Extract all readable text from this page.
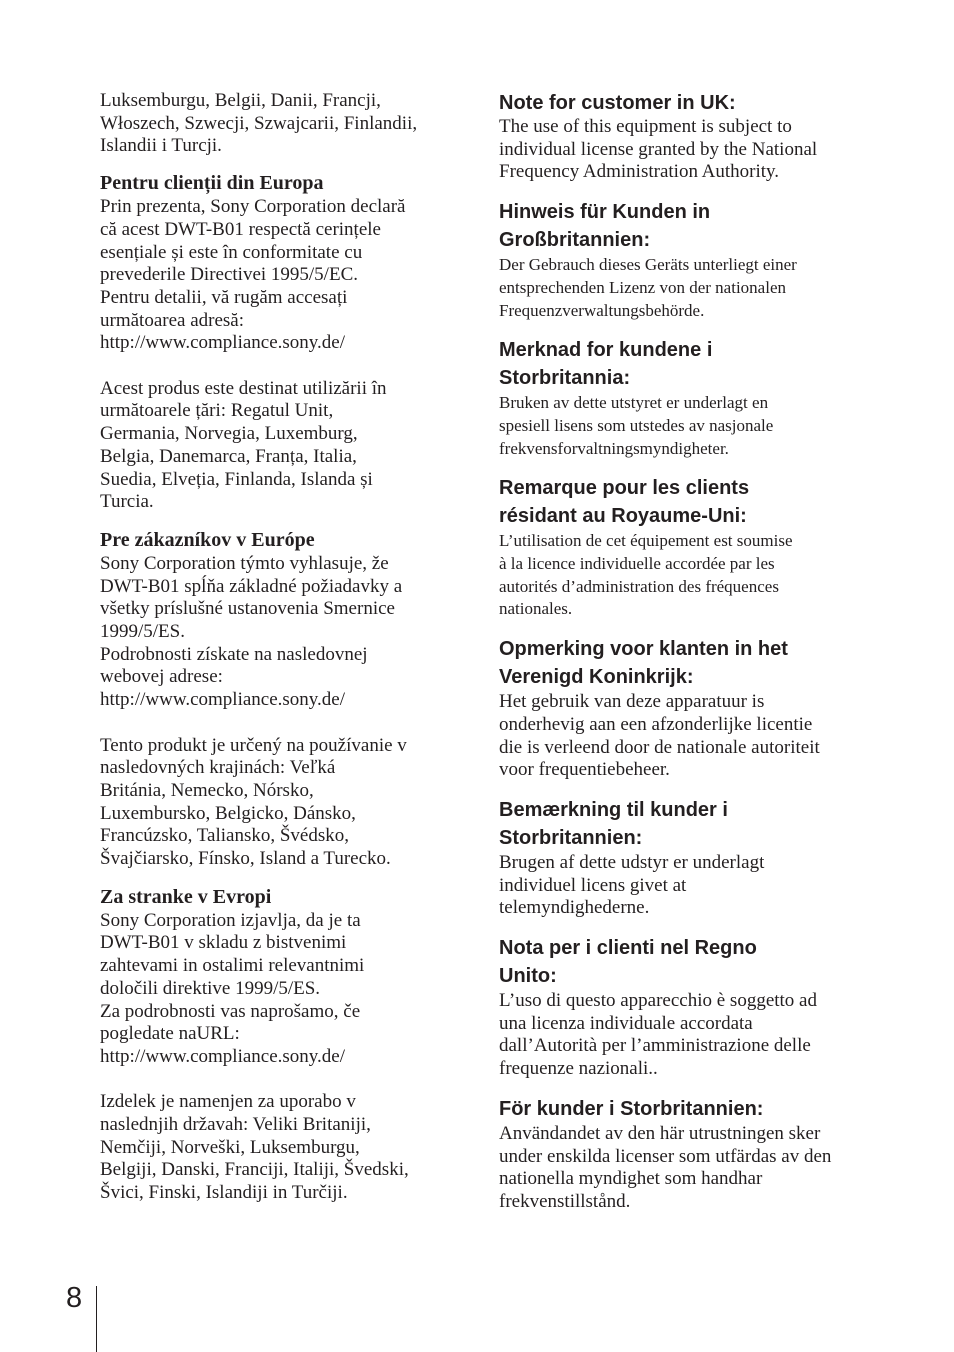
Luksemburgu, Belgii, Danii, Francji,
Włoszech, Szwecji, Szwajcarii, Finlandii,
Islandii i Turcji.

Pentru clienții din Europa

Prin prezenta, Sony Corporation declară
că acest DWT-B01 respectă cerințele
esențiale și este în conformitate cu
prevederile Directivei 1995/5/EC.
Pentru detalii, vă rugăm accesați
următoarea adresă:
http://www.compliance.sony.de/

Acest produs este destinat utilizării în
următoarele țări: Regatul Unit,
Germania, Norvegia, Luxemburg,
Belgia, Danemarca, Franța, Italia,
Suedia, Elveția, Finlanda, Islanda și
Turcia.

Pre zákazníkov v Európe

Sony Corporation týmto vyhlasuje, že
DWT-B01 spĺňa základné požiadavky a
všetky príslušné ustanovenia Smernice
1999/5/ES.
Podrobnosti získate na nasledovnej
webovej adrese:
http://www.compliance.sony.de/

Tento produkt je určený na používanie v
nasledovných krajinách: Veľká
Británia, Nemecko, Nórsko,
Luxembursko, Belgicko, Dánsko,
Francúzsko, Taliansko, Švédsko,
Švajčiarsko, Fínsko, Island a Turecko.

Za stranke v Evropi

Sony Corporation izjavlja, da je ta
DWT-B01 v skladu z bistvenimi
zahtevami in ostalimi relevantnimi
določili direktive 1999/5/ES.
Za podrobnosti vas naprošamo, če
pogledate naURL:
http://www.compliance.sony.de/

Izdelek je namenjen za uporabo v
naslednjih državah: Veliki Britaniji,
Nemčiji, Norveški, Luksemburgu,
Belgiji, Danski, Franciji, Italiji, Švedski,
Švici, Finski, Islandiji in Turčiji.

Note for customer in UK:

The use of this equipment is subject to
individual license granted by the National
Frequency Administration Authority.

Hinweis für Kunden in
Großbritannien:

Der Gebrauch dieses Geräts unterliegt einer
entsprechenden Lizenz von der nationalen
Frequenzverwaltungsbehörde.

Merknad for kundene i
Storbritannia:

Bruken av dette utstyret er underlagt en
spesiell lisens som utstedes av nasjonale
frekvensforvaltningsmyndigheter.

Remarque pour les clients
résidant au Royaume-Uni:

L’utilisation de cet équipement est soumise
à la licence individuelle accordée par les
autorités d’administration des fréquences
nationales.

Opmerking voor klanten in het
Verenigd Koninkrijk:

Het gebruik van deze apparatuur is
onderhevig aan een afzonderlijke licentie
die is verleend door de nationale autoriteit
voor frequentiebeheer.

Bemærkning til kunder i
Storbritannien:

Brugen af dette udstyr er underlagt
individuel licens givet at
telemyndighederne.

Nota per i clienti nel Regno
Unito:

L’uso di questo apparecchio è soggetto ad
una licenza individuale accordata
dall’Autorità per l’amministrazione delle
frequenze nazionali..

För kunder i Storbritannien:

Användandet av den här utrustningen sker
under enskilda licenser som utfärdas av den
nationella myndighet som handhar
frekvenstillstånd.

8
